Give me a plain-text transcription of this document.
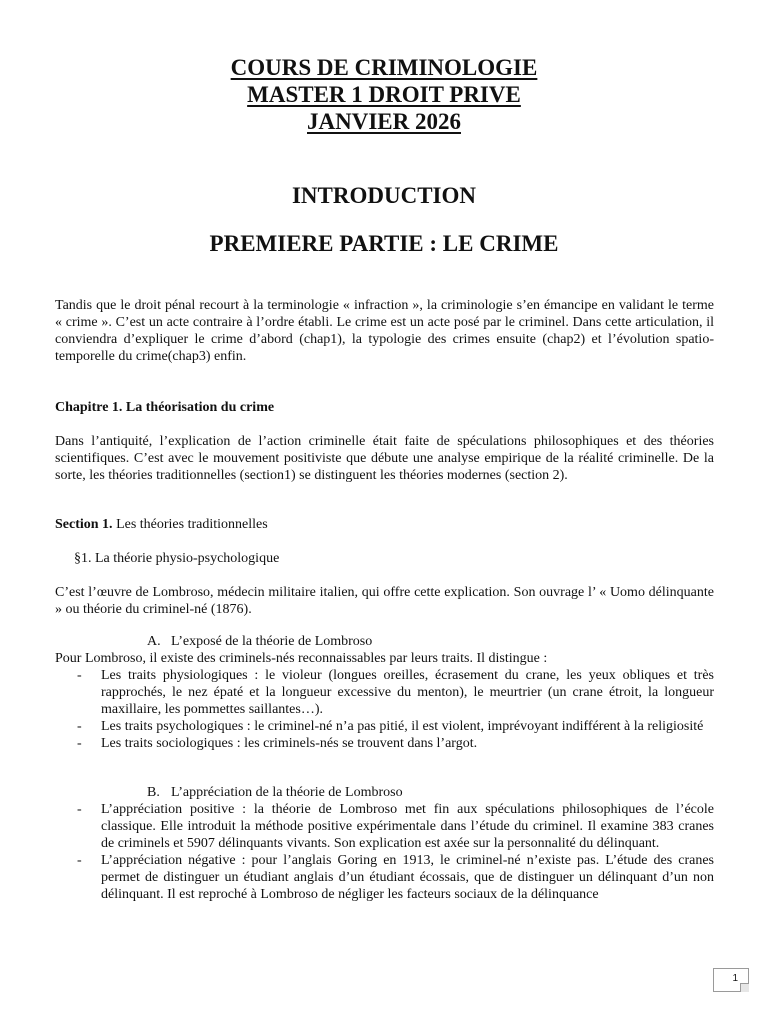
COURS DE CRIMINOLOGIE

MASTER 1 DROIT PRIVE

JANVIER 2026

INTRODUCTION

PREMIERE PARTIE : LE CRIME

Tandis que le droit pénal recourt à la terminologie « infraction », la criminologie s’en émancipe en validant le terme « crime ». C’est un acte contraire à l’ordre établi. Le crime est un acte posé par le criminel. Dans cette articulation, il conviendra d’expliquer le crime d’abord (chap1), la typologie des crimes ensuite (chap2) et l’évolution spatio-temporelle du crime(chap3) enfin.

Chapitre 1. La théorisation du crime

Dans l’antiquité, l’explication de l’action criminelle était faite de spéculations philosophiques et des théories scientifiques. C’est avec le mouvement positiviste que débute une analyse empirique de la réalité criminelle. De la sorte, les théories traditionnelles (section1) se distinguent les théories modernes (section 2).

Section 1. Les théories traditionnelles

§1. La théorie physio-psychologique

C’est l’œuvre de Lombroso, médecin militaire italien, qui offre cette explication. Son ouvrage l’ « Uomo délinquante » ou théorie du criminel-né (1876).

A. L’exposé de la théorie de Lombroso

Pour Lombroso, il existe des criminels-nés reconnaissables par leurs traits. Il distingue :

- Les traits physiologiques : le violeur (longues oreilles, écrasement du crane, les yeux obliques et très rapprochés, le nez épaté et la longueur excessive du menton), le meurtrier (un crane étroit, la longueur maxillaire, les pommettes saillantes…).
- Les traits psychologiques : le criminel-né n’a pas pitié, il est violent, imprévoyant indifférent à la religiosité
- Les traits sociologiques : les criminels-nés se trouvent dans l’argot.

B. L’appréciation de la théorie de Lombroso

- L’appréciation positive : la théorie de Lombroso met fin aux spéculations philosophiques de l’école classique. Elle introduit la méthode positive expérimentale dans l’étude du criminel. Il examine 383 cranes de criminels et 5907 délinquants vivants. Son explication est axée sur la personnalité du délinquant.
- L’appréciation négative : pour l’anglais Goring en 1913, le criminel-né n’existe pas. L’étude des cranes permet de distinguer un étudiant anglais d’un étudiant écossais, que de distinguer un délinquant d’un non délinquant. Il est reproché à Lombroso de négliger les facteurs sociaux de la délinquance
1
